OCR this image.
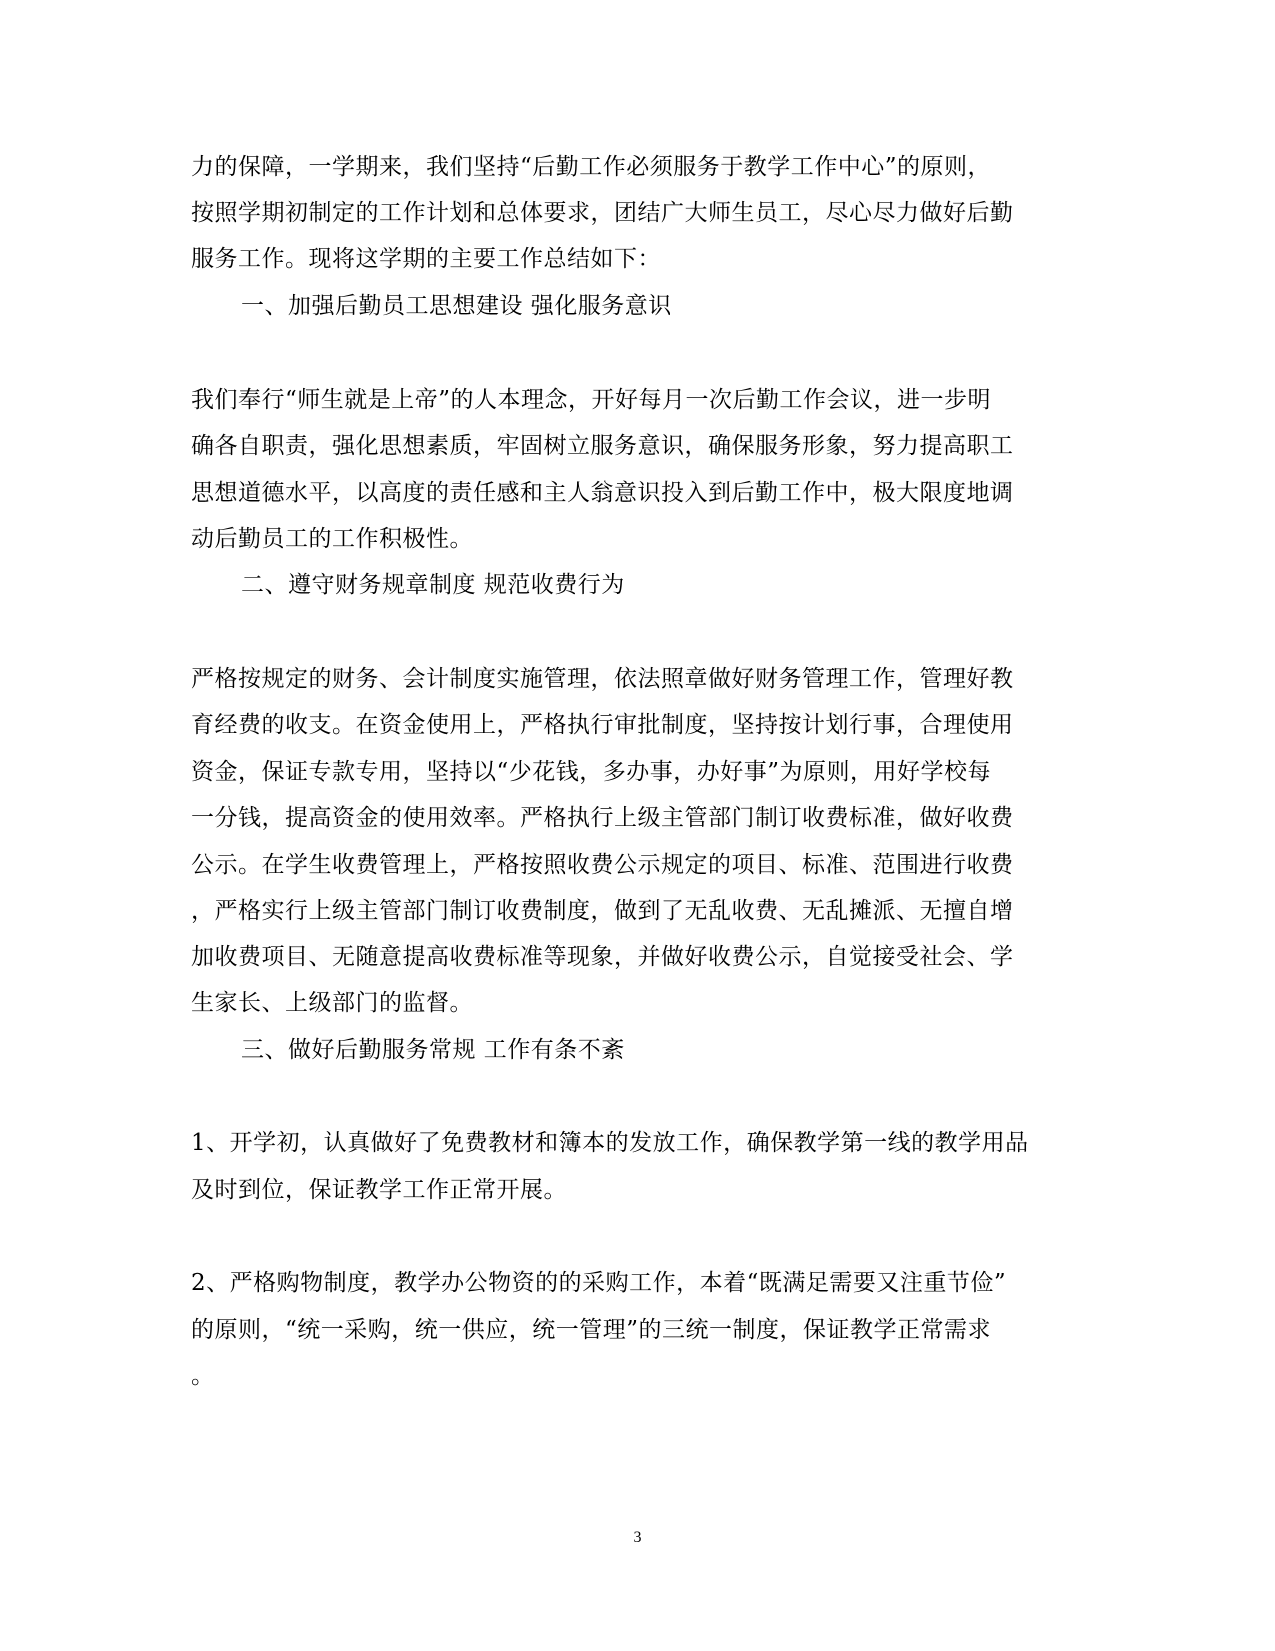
力的保障，一学期来，我们坚持“后勤工作必须服务于教学工作中心”的原则，
按照学期初制定的工作计划和总体要求，团结广大师生员工，尽心尽力做好后勤
服务工作。现将这学期的主要工作总结如下：
一、加强后勤员工思想建设 强化服务意识
我们奉行“师生就是上帝”的人本理念，开好每月一次后勤工作会议，进一步明
确各自职责，强化思想素质，牢固树立服务意识，确保服务形象，努力提高职工
思想道德水平，以高度的责任感和主人翁意识投入到后勤工作中，极大限度地调
动后勤员工的工作积极性。
二、遵守财务规章制度 规范收费行为
严格按规定的财务、会计制度实施管理，依法照章做好财务管理工作，管理好教
育经费的收支。在资金使用上，严格执行审批制度，坚持按计划行事，合理使用
资金，保证专款专用，坚持以“少花钱，多办事，办好事”为原则，用好学校每
一分钱，提高资金的使用效率。严格执行上级主管部门制订收费标准，做好收费
公示。在学生收费管理上，严格按照收费公示规定的项目、标准、范围进行收费
，严格实行上级主管部门制订收费制度，做到了无乱收费、无乱摊派、无擅自增
加收费项目、无随意提高收费标准等现象，并做好收费公示，自觉接受社会、学
生家长、上级部门的监督。
三、做好后勤服务常规 工作有条不紊
1、开学初，认真做好了免费教材和簿本的发放工作，确保教学第一线的教学用品
及时到位，保证教学工作正常开展。
2、严格购物制度，教学办公物资的的采购工作，本着“既满足需要又注重节俭”
的原则，“统一采购，统一供应，统一管理”的三统一制度，保证教学正常需求
。
3
